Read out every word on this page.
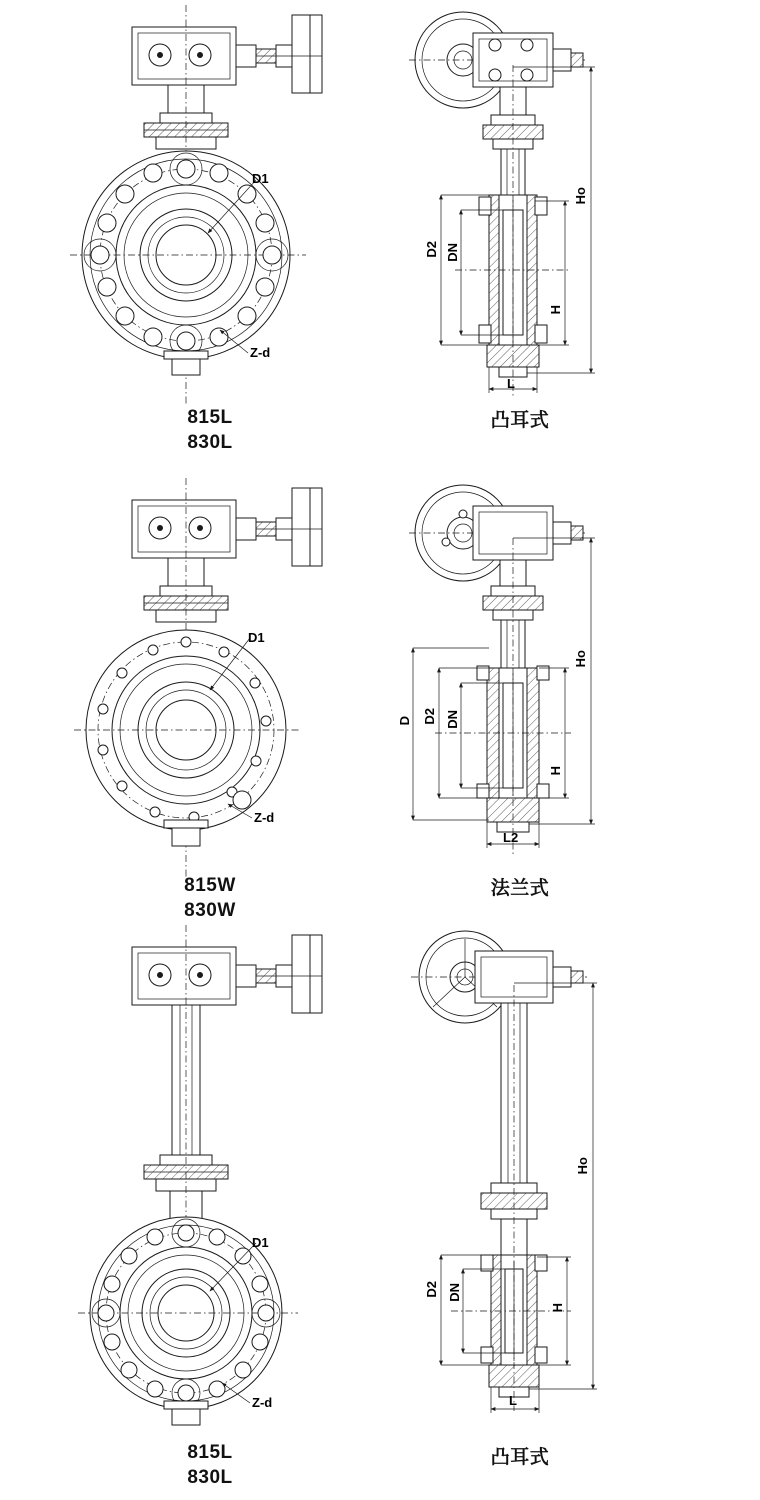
D1
Z-d
815L
830L
Ho
D2 DN
H
L
凸耳式
D1
Z-d
815W
830W
Ho
D D2 DN
H
L2
法兰式
D1
Z-d
815L
830L
Ho
D2 DN
H
L
凸耳式
